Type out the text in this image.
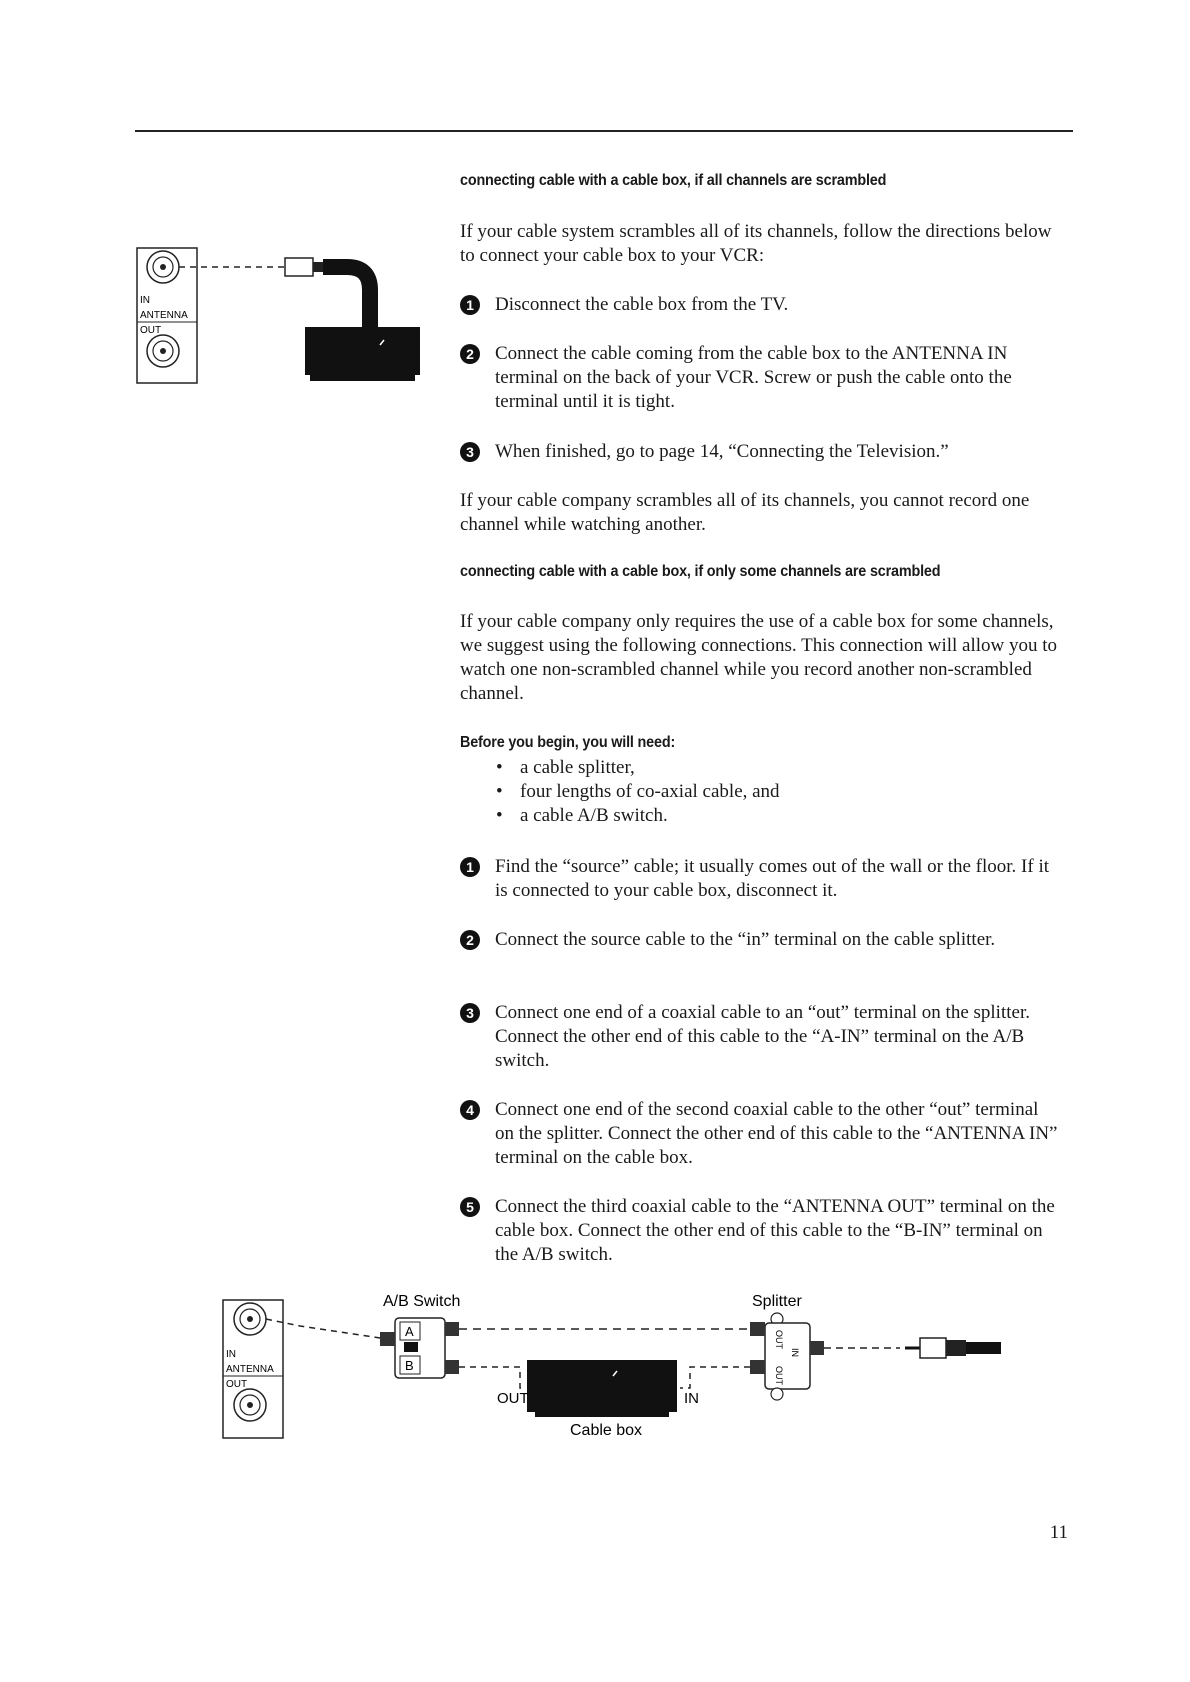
IN
ANTENNA
OUT
connecting cable with a cable box, if all channels are scrambled
If your cable system scrambles all of its channels, follow the directions below to connect your cable box to your VCR:
1	Disconnect the cable box from the TV.
2	Connect the cable coming from the cable box to the ANTENNA IN terminal on the back of your VCR. Screw or push the cable onto the terminal until it is tight.
3	When finished, go to page 14, “Connecting the Television.”
If your cable company scrambles all of its channels, you cannot record one channel while watching another.
connecting cable with a cable box, if only some channels are scrambled
If your cable company only requires the use of a cable box for some channels, we suggest using the following connections. This connection will allow you to watch one non-scrambled channel while you record another non-scrambled channel.
Before you begin, you will need:
• a cable splitter,
• four lengths of co-axial cable, and
• a cable A/B switch.
1	Find the “source” cable; it usually comes out of the wall or the floor. If it is connected to your cable box, disconnect it.
2	Connect the source cable to the “in” terminal on the cable splitter.
3	Connect one end of a coaxial cable to an “out” terminal on the splitter. Connect the other end of this cable to the “A-IN” terminal on the A/B switch.
4	Connect one end of the second coaxial cable to the other “out” terminal on the splitter. Connect the other end of this cable to the “ANTENNA IN” terminal on the cable box.
5	Connect the third coaxial cable to the “ANTENNA OUT” terminal on the cable box. Connect the other end of this cable to the “B-IN” terminal on the A/B switch.
IN
ANTENNA
OUT
A/B Switch
A
B
OUT	IN
Cable box
Splitter
OUT
IN
OUT
11
